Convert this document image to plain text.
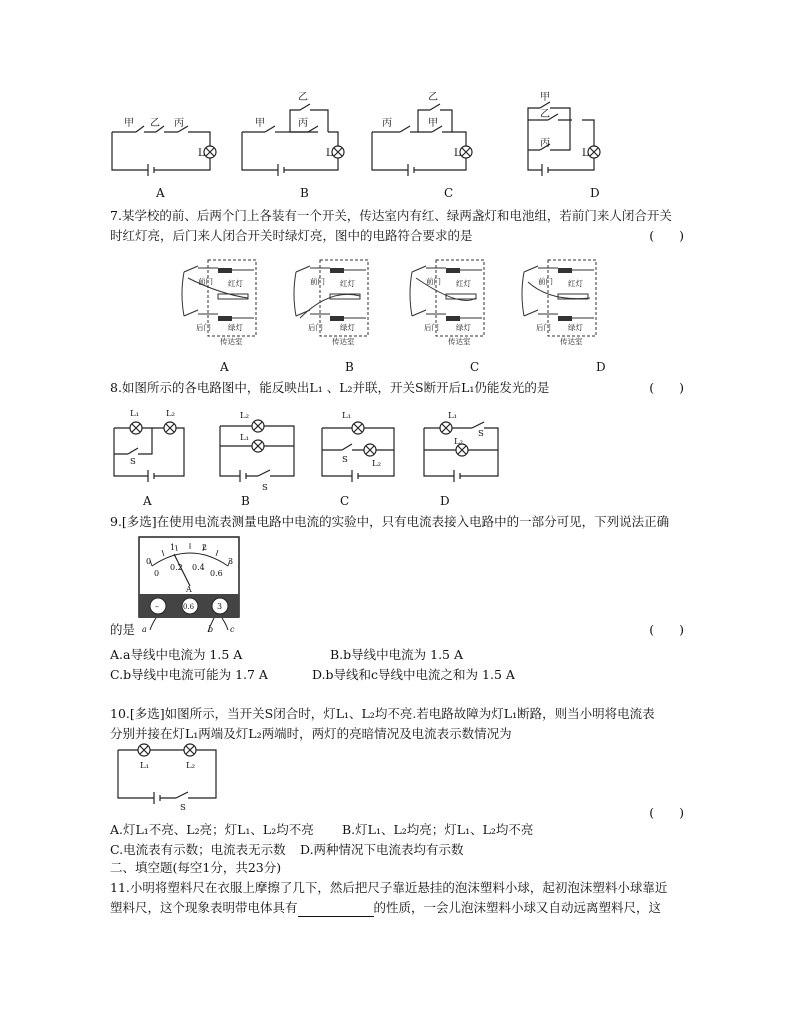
甲 乙 丙
L
甲
乙
丙
L
丙
乙
甲
L
甲
乙
丙
L
A	B	C	D
7.某学校的前、后两个门上各装有一个开关，传达室内有红、绿两盏灯和电池组，若前门来人闭合开关
时红灯亮，后门来人闭合开关时绿灯亮，图中的电路符合要求的是	(　　)
前门 红灯
后门 绿灯
传达室
前门 红灯
后门 绿灯
传达室
前门 红灯
后门 绿灯
传达室
前门 红灯
后门 绿灯
传达室
A	B	C	D
8.如图所示的各电路图中，能反映出L₁ 、L₂并联，开关S断开后L₁仍能发光的是	(　　)
L₁	L₂
S
L₂
L₁
S
L₁
S	L₂
L₁
S
L₂
A	B	C	D
9.[多选]在使用电流表测量电路中电流的实验中，只有电流表接入电路中的一部分可见，下列说法正确
0
1	2
3
0
0.2 0.4
0.6
A
–	0.6	3
a	b c
的是	(　　)
A.a导线中电流为 1.5 A	B.b导线中电流为 1.5 A
C.b导线中电流可能为 1.7 A	D.b导线和c导线中电流之和为 1.5 A
10.[多选]如图所示，当开关S闭合时，灯L₁、L₂均不亮.若电路故障为灯L₁断路，则当小明将电流表
分别并接在灯L₁两端及灯L₂两端时，两灯的亮暗情况及电流表示数情况为
L₁	L₂
S	(　　)
A.灯L₁不亮、L₂亮；灯L₁、L₂均不亮 B.灯L₁、L₂均亮；灯L₁、L₂均不亮
C.电流表有示数；电流表无示数 D.两种情况下电流表均有示数
二、填空题(每空1分，共23分)
11.小明将塑料尺在衣服上摩擦了几下，然后把尺子靠近悬挂的泡沫塑料小球，起初泡沫塑料小球靠近
塑料尺，这个现象表明带电体具有	的性质，一会儿泡沫塑料小球又自动远离塑料尺，这
